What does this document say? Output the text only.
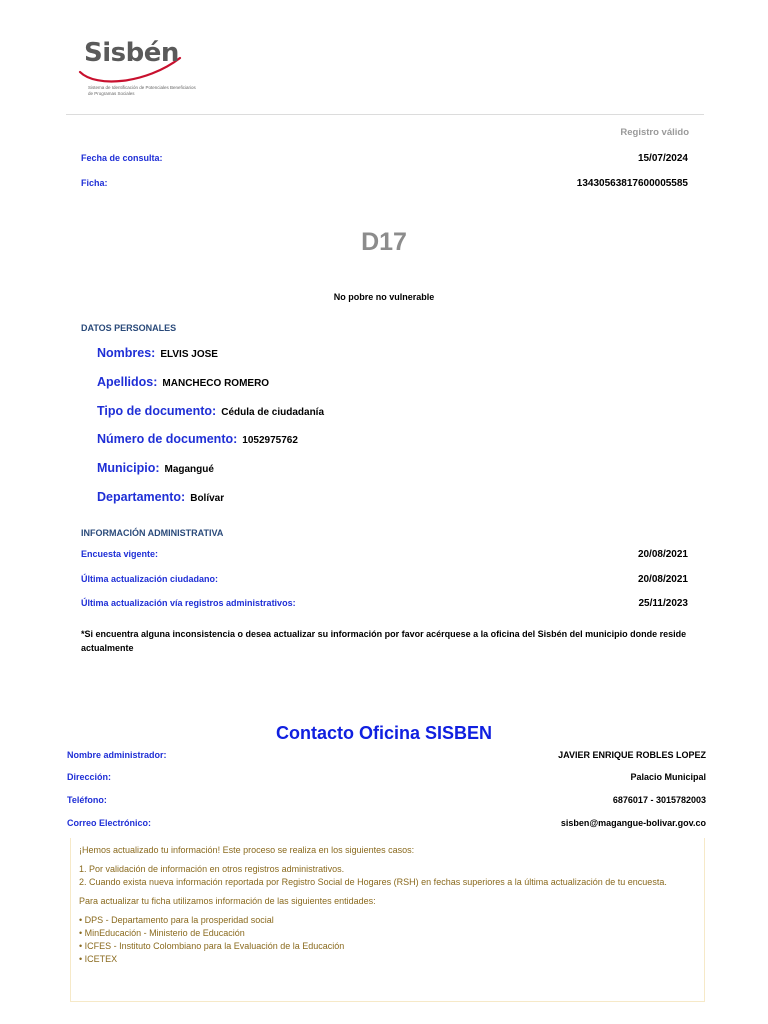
Sisbén
Sistema de Identificación de Potenciales Beneficiarios de Programas Sociales
Registro válido
Fecha de consulta:	15/07/2024
Ficha:	13430563817600005585
D17
No pobre no vulnerable
DATOS PERSONALES
Nombres: ELVIS JOSE
Apellidos: MANCHECO ROMERO
Tipo de documento: Cédula de ciudadanía
Número de documento: 1052975762
Municipio: Magangué
Departamento: Bolívar
INFORMACIÓN ADMINISTRATIVA
Encuesta vigente:	20/08/2021
Última actualización ciudadano:	20/08/2021
Última actualización vía registros administrativos:	25/11/2023
*Si encuentra alguna inconsistencia o desea actualizar su información por favor acérquese a la oficina del Sisbén del municipio donde reside actualmente
Contacto Oficina SISBEN
Nombre administrador:	JAVIER ENRIQUE ROBLES LOPEZ
Dirección:	Palacio Municipal
Teléfono:	6876017 - 3015782003
Correo Electrónico:	sisben@magangue-bolivar.gov.co

¡Hemos actualizado tu información! Este proceso se realiza en los siguientes casos:

1. Por validación de información en otros registros administrativos.
2. Cuando exista nueva información reportada por Registro Social de Hogares (RSH) en fechas superiores a la última actualización de tu encuesta.

Para actualizar tu ficha utilizamos información de las siguientes entidades:

• DPS - Departamento para la prosperidad social
• MinEducación - Ministerio de Educación
• ICFES - Instituto Colombiano para la Evaluación de la Educación
• ICETEX
